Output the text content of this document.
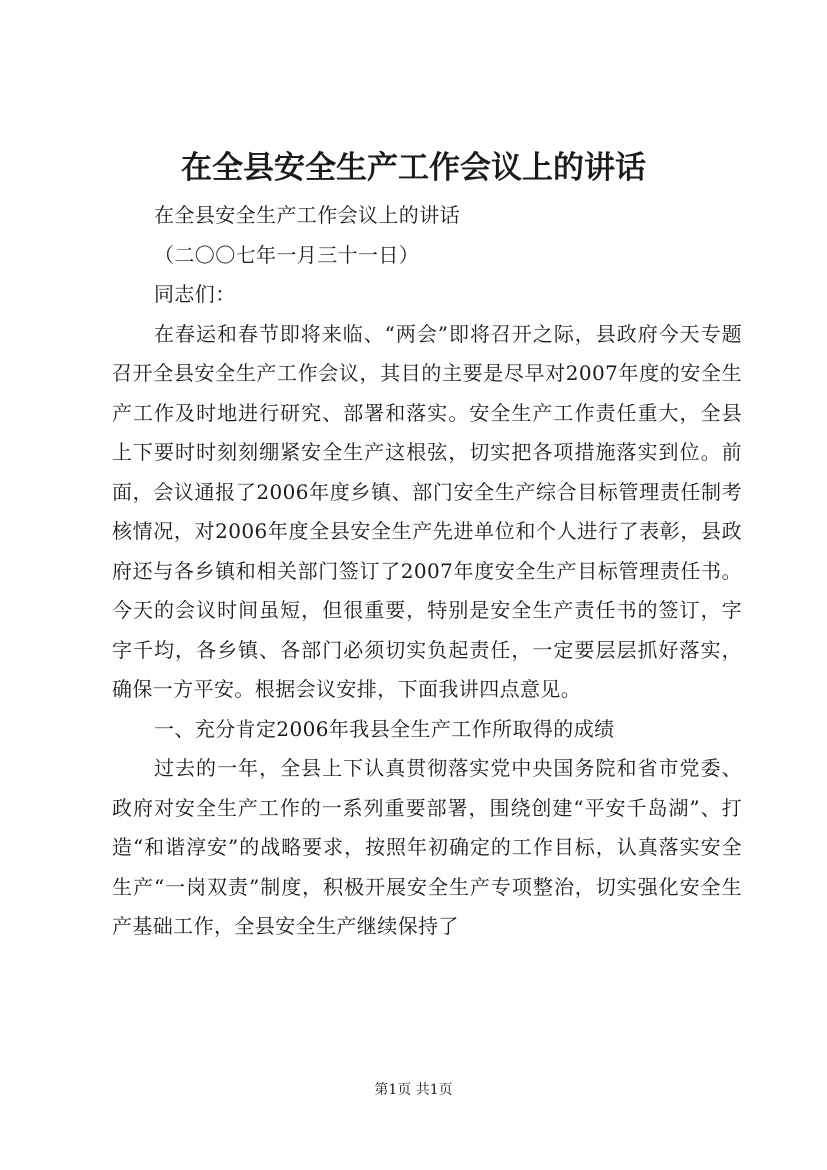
在全县安全生产工作会议上的讲话

在全县安全生产工作会议上的讲话

（二〇〇七年一月三十一日）

同志们：

在春运和春节即将来临、“两会”即将召开之际，县政府今天专题召开全县安全生产工作会议，其目的主要是尽早对2007年度的安全生产工作及时地进行研究、部署和落实。安全生产工作责任重大，全县上下要时时刻刻绷紧安全生产这根弦，切实把各项措施落实到位。前面，会议通报了2006年度乡镇、部门安全生产综合目标管理责任制考核情况，对2006年度全县安全生产先进单位和个人进行了表彰，县政府还与各乡镇和相关部门签订了2007年度安全生产目标管理责任书。今天的会议时间虽短，但很重要，特别是安全生产责任书的签订，字字千均，各乡镇、各部门必须切实负起责任，一定要层层抓好落实，确保一方平安。根据会议安排，下面我讲四点意见。

一、充分肯定2006年我县全生产工作所取得的成绩

过去的一年，全县上下认真贯彻落实党中央国务院和省市党委、政府对安全生产工作的一系列重要部署，围绕创建“平安千岛湖”、打造“和谐淳安”的战略要求，按照年初确定的工作目标，认真落实安全生产“一岗双责”制度，积极开展安全生产专项整治，切实强化安全生产基础工作，全县安全生产继续保持了

第1页 共1页
